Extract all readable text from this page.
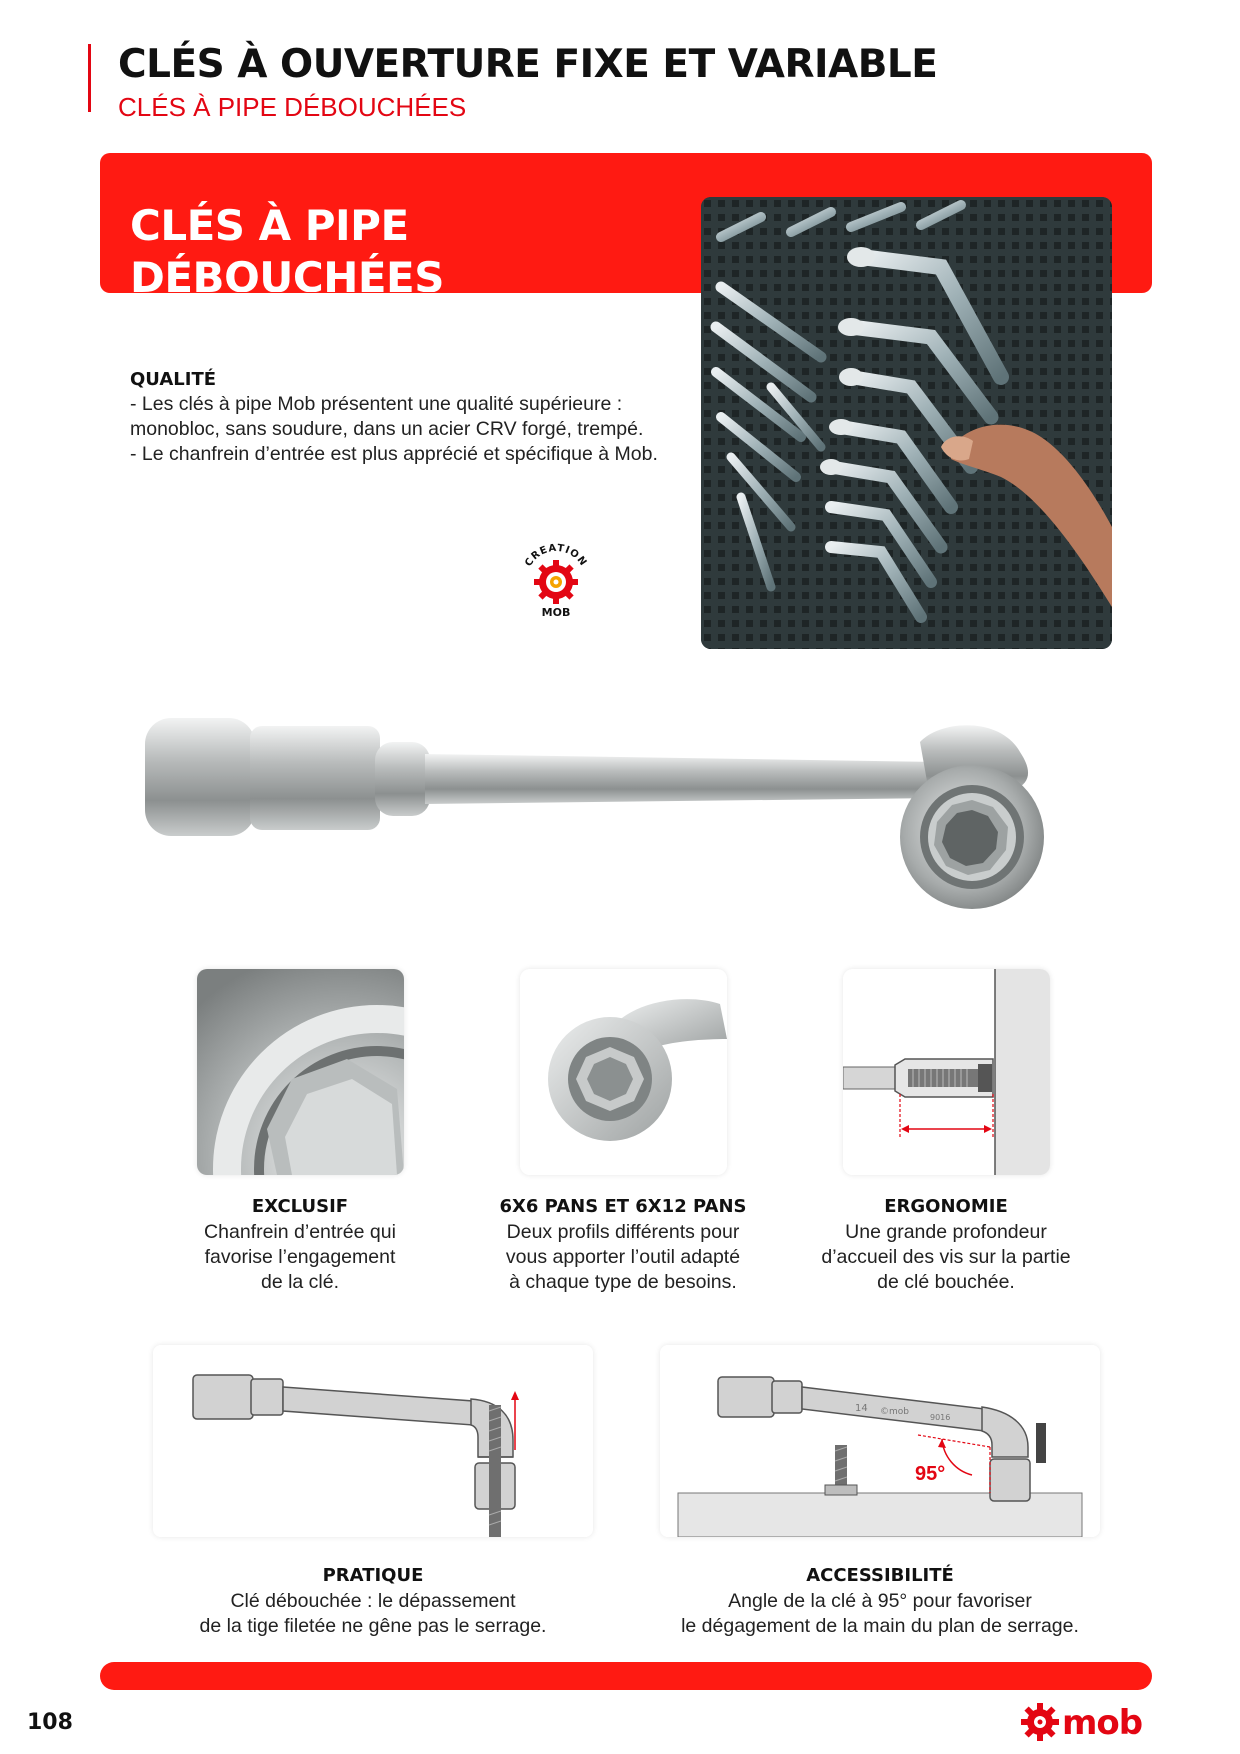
CLÉS À OUVERTURE FIXE ET VARIABLE
CLÉS À PIPE DÉBOUCHÉES
CLÉS À PIPE
DÉBOUCHÉES
QUALITÉ
- Les clés à pipe Mob présentent une qualité supérieure :
monobloc, sans soudure, dans un acier CRV forgé, trempé.
- Le chanfrein d’entrée est plus apprécié et spécifique à Mob.
CREATION
MOB
EXCLUSIF
Chanfrein d’entrée qui
favorise l’engagement
de la clé.
6X6 PANS ET 6X12 PANS
Deux profils différents pour
vous apporter l’outil adapté
à chaque type de besoins.
ERGONOMIE
Une grande profondeur
d’accueil des vis sur la partie
de clé bouchée.
PRATIQUE
Clé débouchée : le dépassement
de la tige filetée ne gêne pas le serrage.
14 ©mob
9016
95°
ACCESSIBILITÉ
Angle de la clé à 95° pour favoriser
le dégagement de la main du plan de serrage.
108	mob
